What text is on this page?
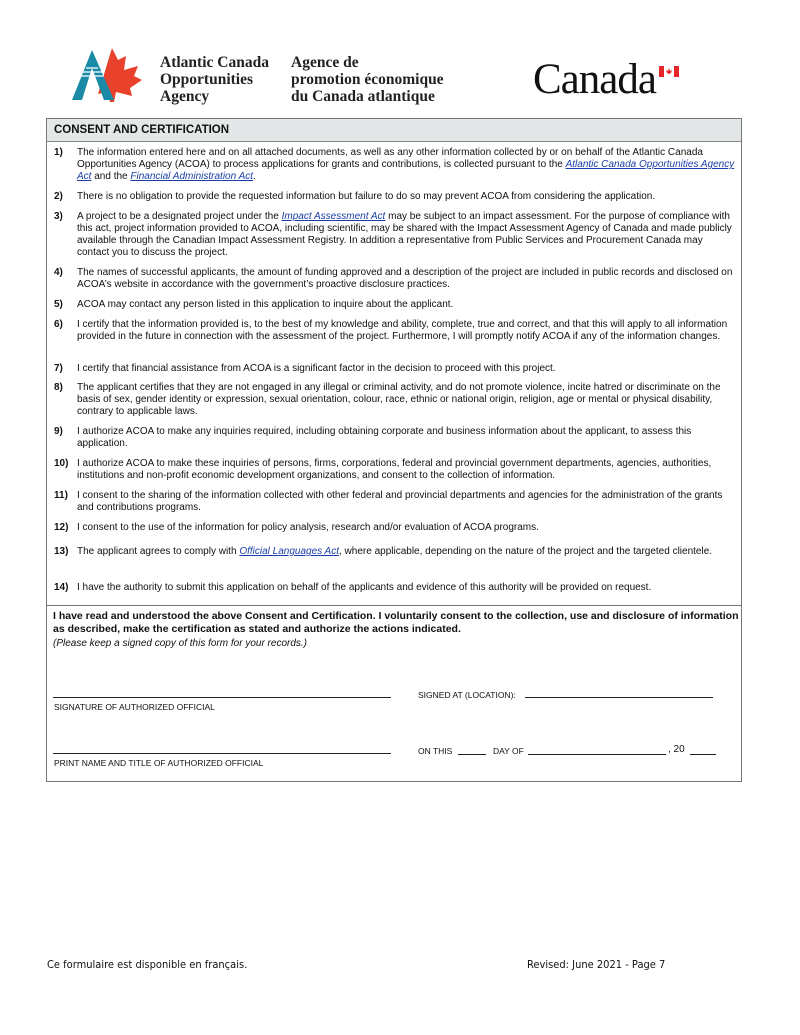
Atlantic Canada
Opportunities
Agency
Agence de
promotion économique
du Canada atlantique Canada
CONSENT AND CERTIFICATION
1) The information entered here and on all attached documents, as well as any other information collected by or on behalf of the Atlantic Canada Opportunities Agency (ACOA) to process applications for grants and contributions, is collected pursuant to the Atlantic Canada Opportunities Agency Act and the Financial Administration Act.
2) There is no obligation to provide the requested information but failure to do so may prevent ACOA from considering the application.
3) A project to be a designated project under the Impact Assessment Act may be subject to an impact assessment. For the purpose of compliance with this act, project information provided to ACOA, including scientific, may be shared with the Impact Assessment Agency of Canada and made publicly available through the Canadian Impact Assessment Registry. In addition a representative from Public Services and Procurement Canada may contact you to discuss the project.
4) The names of successful applicants, the amount of funding approved and a description of the project are included in public records and disclosed on ACOA’s website in accordance with the government’s proactive disclosure practices.
5) ACOA may contact any person listed in this application to inquire about the applicant.
6) I certify that the information provided is, to the best of my knowledge and ability, complete, true and correct, and that this will apply to all information provided in the future in connection with the assessment of the project. Furthermore, I will promptly notify ACOA if any of the information changes.
7) I certify that financial assistance from ACOA is a significant factor in the decision to proceed with this project.
8) The applicant certifies that they are not engaged in any illegal or criminal activity, and do not promote violence, incite hatred or discriminate on the basis of sex, gender identity or expression, sexual orientation, colour, race, ethnic or national origin, religion, age or mental or physical disability, contrary to applicable laws.
9) I authorize ACOA to make any inquiries required, including obtaining corporate and business information about the applicant, to assess this application.
10) I authorize ACOA to make these inquiries of persons, firms, corporations, federal and provincial government departments, agencies, authorities, institutions and non-profit economic development organizations, and consent to the collection of information.
11) I consent to the sharing of the information collected with other federal and provincial departments and agencies for the administration of the grants and contributions programs.
12) I consent to the use of the information for policy analysis, research and/or evaluation of ACOA programs.
13) The applicant agrees to comply with Official Languages Act, where applicable, depending on the nature of the project and the targeted clientele.
14) I have the authority to submit this application on behalf of the applicants and evidence of this authority will be provided on request.
I have read and understood the above Consent and Certification. I voluntarily consent to the collection, use and disclosure of information as described, make the certification as stated and authorize the actions indicated.
(Please keep a signed copy of this form for your records.)
SIGNATURE OF AUTHORIZED OFFICIAL
SIGNED AT (LOCATION):
PRINT NAME AND TITLE OF AUTHORIZED OFFICIAL
ON THIS	DAY OF	, 20
Ce formulaire est disponible en français.	Revised: June 2021 - Page 7
